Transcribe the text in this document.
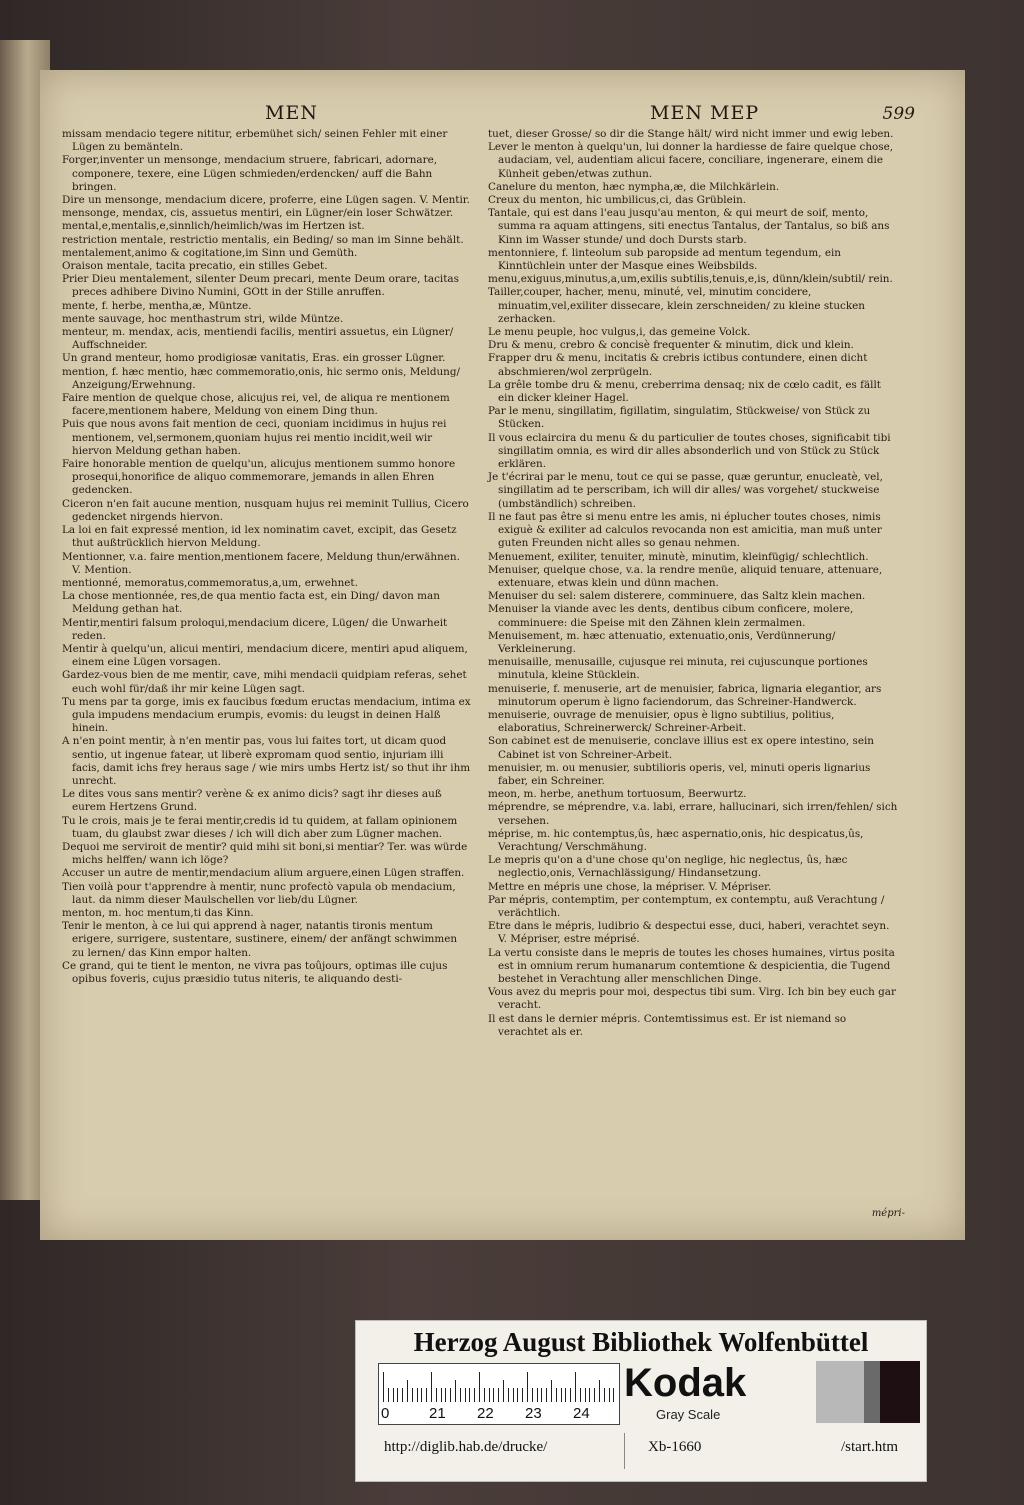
MEN	MEN MEP	599

missam mendacio tegere nititur, erbemühet sich/ seinen Fehler mit einer Lügen zu bemänteln.

Forger,inventer un mensonge, mendacium struere, fabricari, adornare, componere, texere, eine Lügen schmieden/erdencken/ auff die Bahn bringen.

Dire un mensonge, mendacium dicere, proferre, eine Lügen sagen. V. Mentir.

mensonge, mendax, cis, assuetus mentiri, ein Lügner/ein loser Schwätzer.

mental,e,mentalis,e,sinnlich/heimlich/was im Hertzen ist.

restriction mentale, restrictio mentalis, ein Beding/ so man im Sinne behält.

mentalement,animo & cogitatione,im Sinn und Gemüth.

Oraison mentale, tacita precatio, ein stilles Gebet.

Prier Dieu mentalement, silenter Deum precari, mente Deum orare, tacitas preces adhibere Divino Numini, GOtt in der Stille anruffen.

mente, f. herbe, mentha,æ, Müntze.

mente sauvage, hoc menthastrum stri, wilde Müntze.

menteur, m. mendax, acis, mentiendi facilis, mentiri assuetus, ein Lügner/ Auffschneider.

Un grand menteur, homo prodigiosæ vanitatis, Eras. ein grosser Lügner.

mention, f. hæc mentio, hæc commemoratio,onis, hic sermo onis, Meldung/ Anzeigung/Erwehnung.

Faire mention de quelque chose, alicujus rei, vel, de aliqua re mentionem facere,mentionem habere, Meldung von einem Ding thun.

Puis que nous avons fait mention de ceci, quoniam incidimus in hujus rei mentionem, vel,sermonem,quoniam hujus rei mentio incidit,weil wir hiervon Meldung gethan haben.

Faire honorable mention de quelqu'un, alicujus mentionem summo honore prosequi,honorifice de aliquo commemorare, jemands in allen Ehren gedencken.

Ciceron n'en fait aucune mention, nusquam hujus rei meminit Tullius, Cicero gedencket nirgends hiervon.

La loi en fait expressé mention, id lex nominatim cavet, excipit, das Gesetz thut außtrücklich hiervon Meldung.

Mentionner, v.a. faire mention,mentionem facere, Meldung thun/erwähnen. V. Mention.

mentionné, memoratus,commemoratus,a,um, erwehnet.

La chose mentionnée, res,de qua mentio facta est, ein Ding/ davon man Meldung gethan hat.

Mentir,mentiri falsum proloqui,mendacium dicere, Lügen/ die Unwarheit reden.

Mentir à quelqu'un, alicui mentiri, mendacium dicere, mentiri apud aliquem, einem eine Lügen vorsagen.

Gardez-vous bien de me mentir, cave, mihi mendacii quidpiam referas, sehet euch wohl für/daß ihr mir keine Lügen sagt.

Tu mens par ta gorge, imis ex faucibus fœdum eructas mendacium, intima ex gula impudens mendacium erumpis, evomis: du leugst in deinen Halß hinein.

A n'en point mentir, à n'en mentir pas, vous lui faites tort, ut dicam quod sentio, ut ingenue fatear, ut liberè expromam quod sentio, injuriam illi facis, damit ichs frey heraus sage / wie mirs umbs Hertz ist/ so thut ihr ihm unrecht.

Le dites vous sans mentir? verène & ex animo dicis? sagt ihr dieses auß eurem Hertzens Grund.

Tu le crois, mais je te ferai mentir,credis id tu quidem, at fallam opinionem tuam, du glaubst zwar dieses / ich will dich aber zum Lügner machen.

Dequoi me serviroit de mentir? quid mihi sit boni,si mentiar? Ter. was würde michs helffen/ wann ich löge?

Accuser un autre de mentir,mendacium alium arguere,einen Lügen straffen.

Tien voilà pour t'apprendre à mentir, nunc profectò vapula ob mendacium, laut. da nimm dieser Maulschellen vor lieb/du Lügner.

menton, m. hoc mentum,ti das Kinn.

Tenir le menton, à ce lui qui apprend à nager, natantis tironis mentum erigere, surrigere, sustentare, sustinere, einem/ der anfängt schwimmen zu lernen/ das Kinn empor halten.

Ce grand, qui te tient le menton, ne vivra pas toûjours, optimas ille cujus opibus foveris, cujus præsidio tutus niteris, te aliquando desti-

tuet, dieser Grosse/ so dir die Stange hält/ wird nicht immer und ewig leben.

Lever le menton à quelqu'un, lui donner la hardiesse de faire quelque chose, audaciam, vel, audentiam alicui facere, conciliare, ingenerare, einem die Künheit geben/etwas zuthun.

Canelure du menton, hæc nympha,æ, die Milchkärlein.

Creux du menton, hic umbilicus,ci, das Grüblein.

Tantale, qui est dans l'eau jusqu'au menton, & qui meurt de soif, mento, summa ra aquam attingens, siti enectus Tantalus, der Tantalus, so biß ans Kinn im Wasser stunde/ und doch Dursts starb.

mentonniere, f. linteolum sub paropside ad mentum tegendum, ein Kinntüchlein unter der Masque eines Weibsbilds.

menu,exiguus,minutus,a,um,exilis subtilis,tenuis,e,is, dünn/klein/subtil/ rein.

Tailler,couper, hacher, menu, minuté, vel, minutim concidere, minuatim,vel,exiliter dissecare, klein zerschneiden/ zu kleine stucken zerhacken.

Le menu peuple, hoc vulgus,i, das gemeine Volck.

Dru & menu, crebro & concisè frequenter & minutim, dick und klein.

Frapper dru & menu, incitatis & crebris ictibus contundere, einen dicht abschmieren/wol zerprügeln.

La grêle tombe dru & menu, creberrima densaq; nix de cœlo cadit, es fällt ein dicker kleiner Hagel.

Par le menu, singillatim, figillatim, singulatim, Stückweise/ von Stück zu Stücken.

Il vous eclaircira du menu & du particulier de toutes choses, significabit tibi singillatim omnia, es wird dir alles absonderlich und von Stück zu Stück erklären.

Je t'écrirai par le menu, tout ce qui se passe, quæ geruntur, enucleatè, vel, singillatim ad te perscribam, ich will dir alles/ was vorgehet/ stuckweise (umbständlich) schreiben.

Il ne faut pas être si menu entre les amis, ni éplucher toutes choses, nimis exiguè & exiliter ad calculos revocanda non est amicitia, man muß unter guten Freunden nicht alles so genau nehmen.

Menuement, exiliter, tenuiter, minutè, minutim, kleinfügig/ schlechtlich.

Menuiser, quelque chose, v.a. la rendre menüe, aliquid tenuare, attenuare, extenuare, etwas klein und dünn machen.

Menuiser du sel: salem disterere, comminuere, das Saltz klein machen.

Menuiser la viande avec les dents, dentibus cibum conficere, molere, comminuere: die Speise mit den Zähnen klein zermalmen.

Menuisement, m. hæc attenuatio, extenuatio,onis, Verdünnerung/ Verkleinerung.

menuisaille, menusaille, cujusque rei minuta, rei cujuscunque portiones minutula, kleine Stücklein.

menuiserie, f. menuserie, art de menuisier, fabrica, lignaria elegantior, ars minutorum operum è ligno faciendorum, das Schreiner-Handwerck.

menuiserie, ouvrage de menuisier, opus è ligno subtilius, politius, elaboratius, Schreinerwerck/ Schreiner-Arbeit.

Son cabinet est de menuiserie, conclave illius est ex opere intestino, sein Cabinet ist von Schreiner-Arbeit.

menuisier, m. ou menusier, subtilioris operis, vel, minuti operis lignarius faber, ein Schreiner.

meon, m. herbe, anethum tortuosum, Beerwurtz.

méprendre, se méprendre, v.a. labi, errare, hallucinari, sich irren/fehlen/ sich versehen.

méprise, m. hic contemptus,ûs, hæc aspernatio,onis, hic despicatus,ûs, Verachtung/ Verschmähung.

Le mepris qu'on a d'une chose qu'on neglige, hic neglectus, ûs, hæc neglectio,onis, Vernachlässigung/ Hindansetzung.

Mettre en mépris une chose, la mépriser. V. Mépriser.

Par mépris, contemptim, per contemptum, ex contemptu, auß Verachtung / verächtlich.

Etre dans le mépris, ludibrio & despectui esse, duci, haberi, verachtet seyn. V. Mépriser, estre méprisé.

La vertu consiste dans le mepris de toutes les choses humaines, virtus posita est in omnium rerum humanarum contemtione & despicientia, die Tugend bestehet in Verachtung aller menschlichen Dinge.

Vous avez du mepris pour moi, despectus tibi sum. Virg. Ich bin bey euch gar veracht.

Il est dans le dernier mépris. Contemtissimus est. Er ist niemand so verachtet als er.

mépri-
Herzog August Bibliothek Wolfenbüttel
0	21 22 23 24
Kodak
Gray Scale
http://diglib.hab.de/drucke/	Xb-1660	/start.htm
